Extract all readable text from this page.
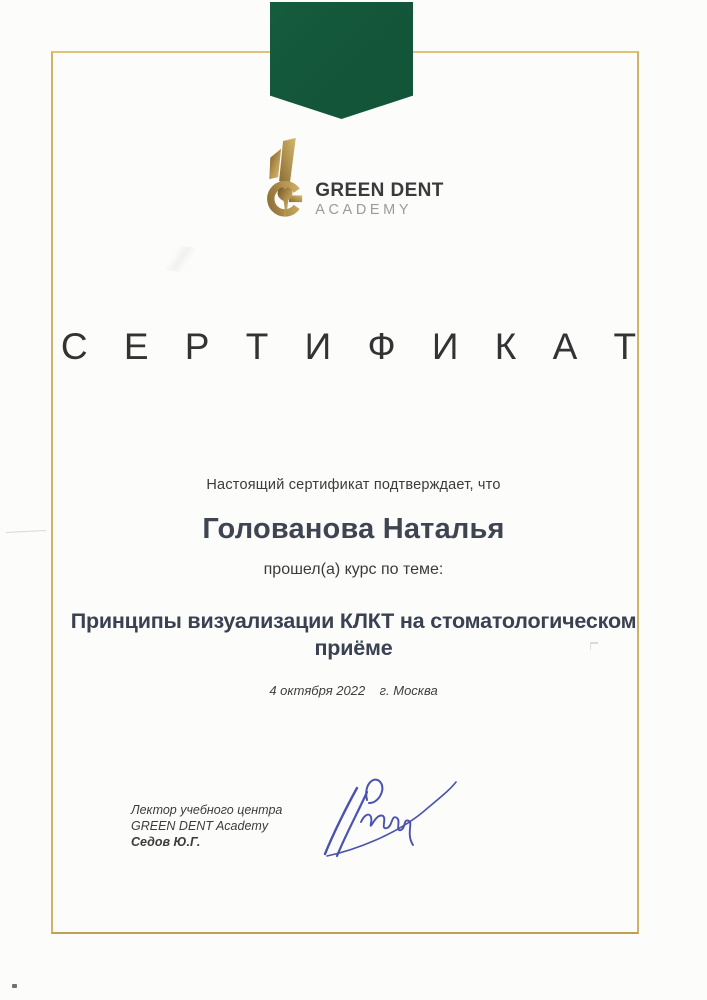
GREEN DENT
ACADEMY
С Е Р Т И Ф И К А Т
Настоящий сертификат подтверждает, что
Голованова Наталья
прошел(а) курс по теме:
Принципы визуализации КЛКТ на стоматологическом
приёме
4 октября 2022    г. Москва
Лектор учебного центра
GREEN DENT Academy
Седов Ю.Г.
